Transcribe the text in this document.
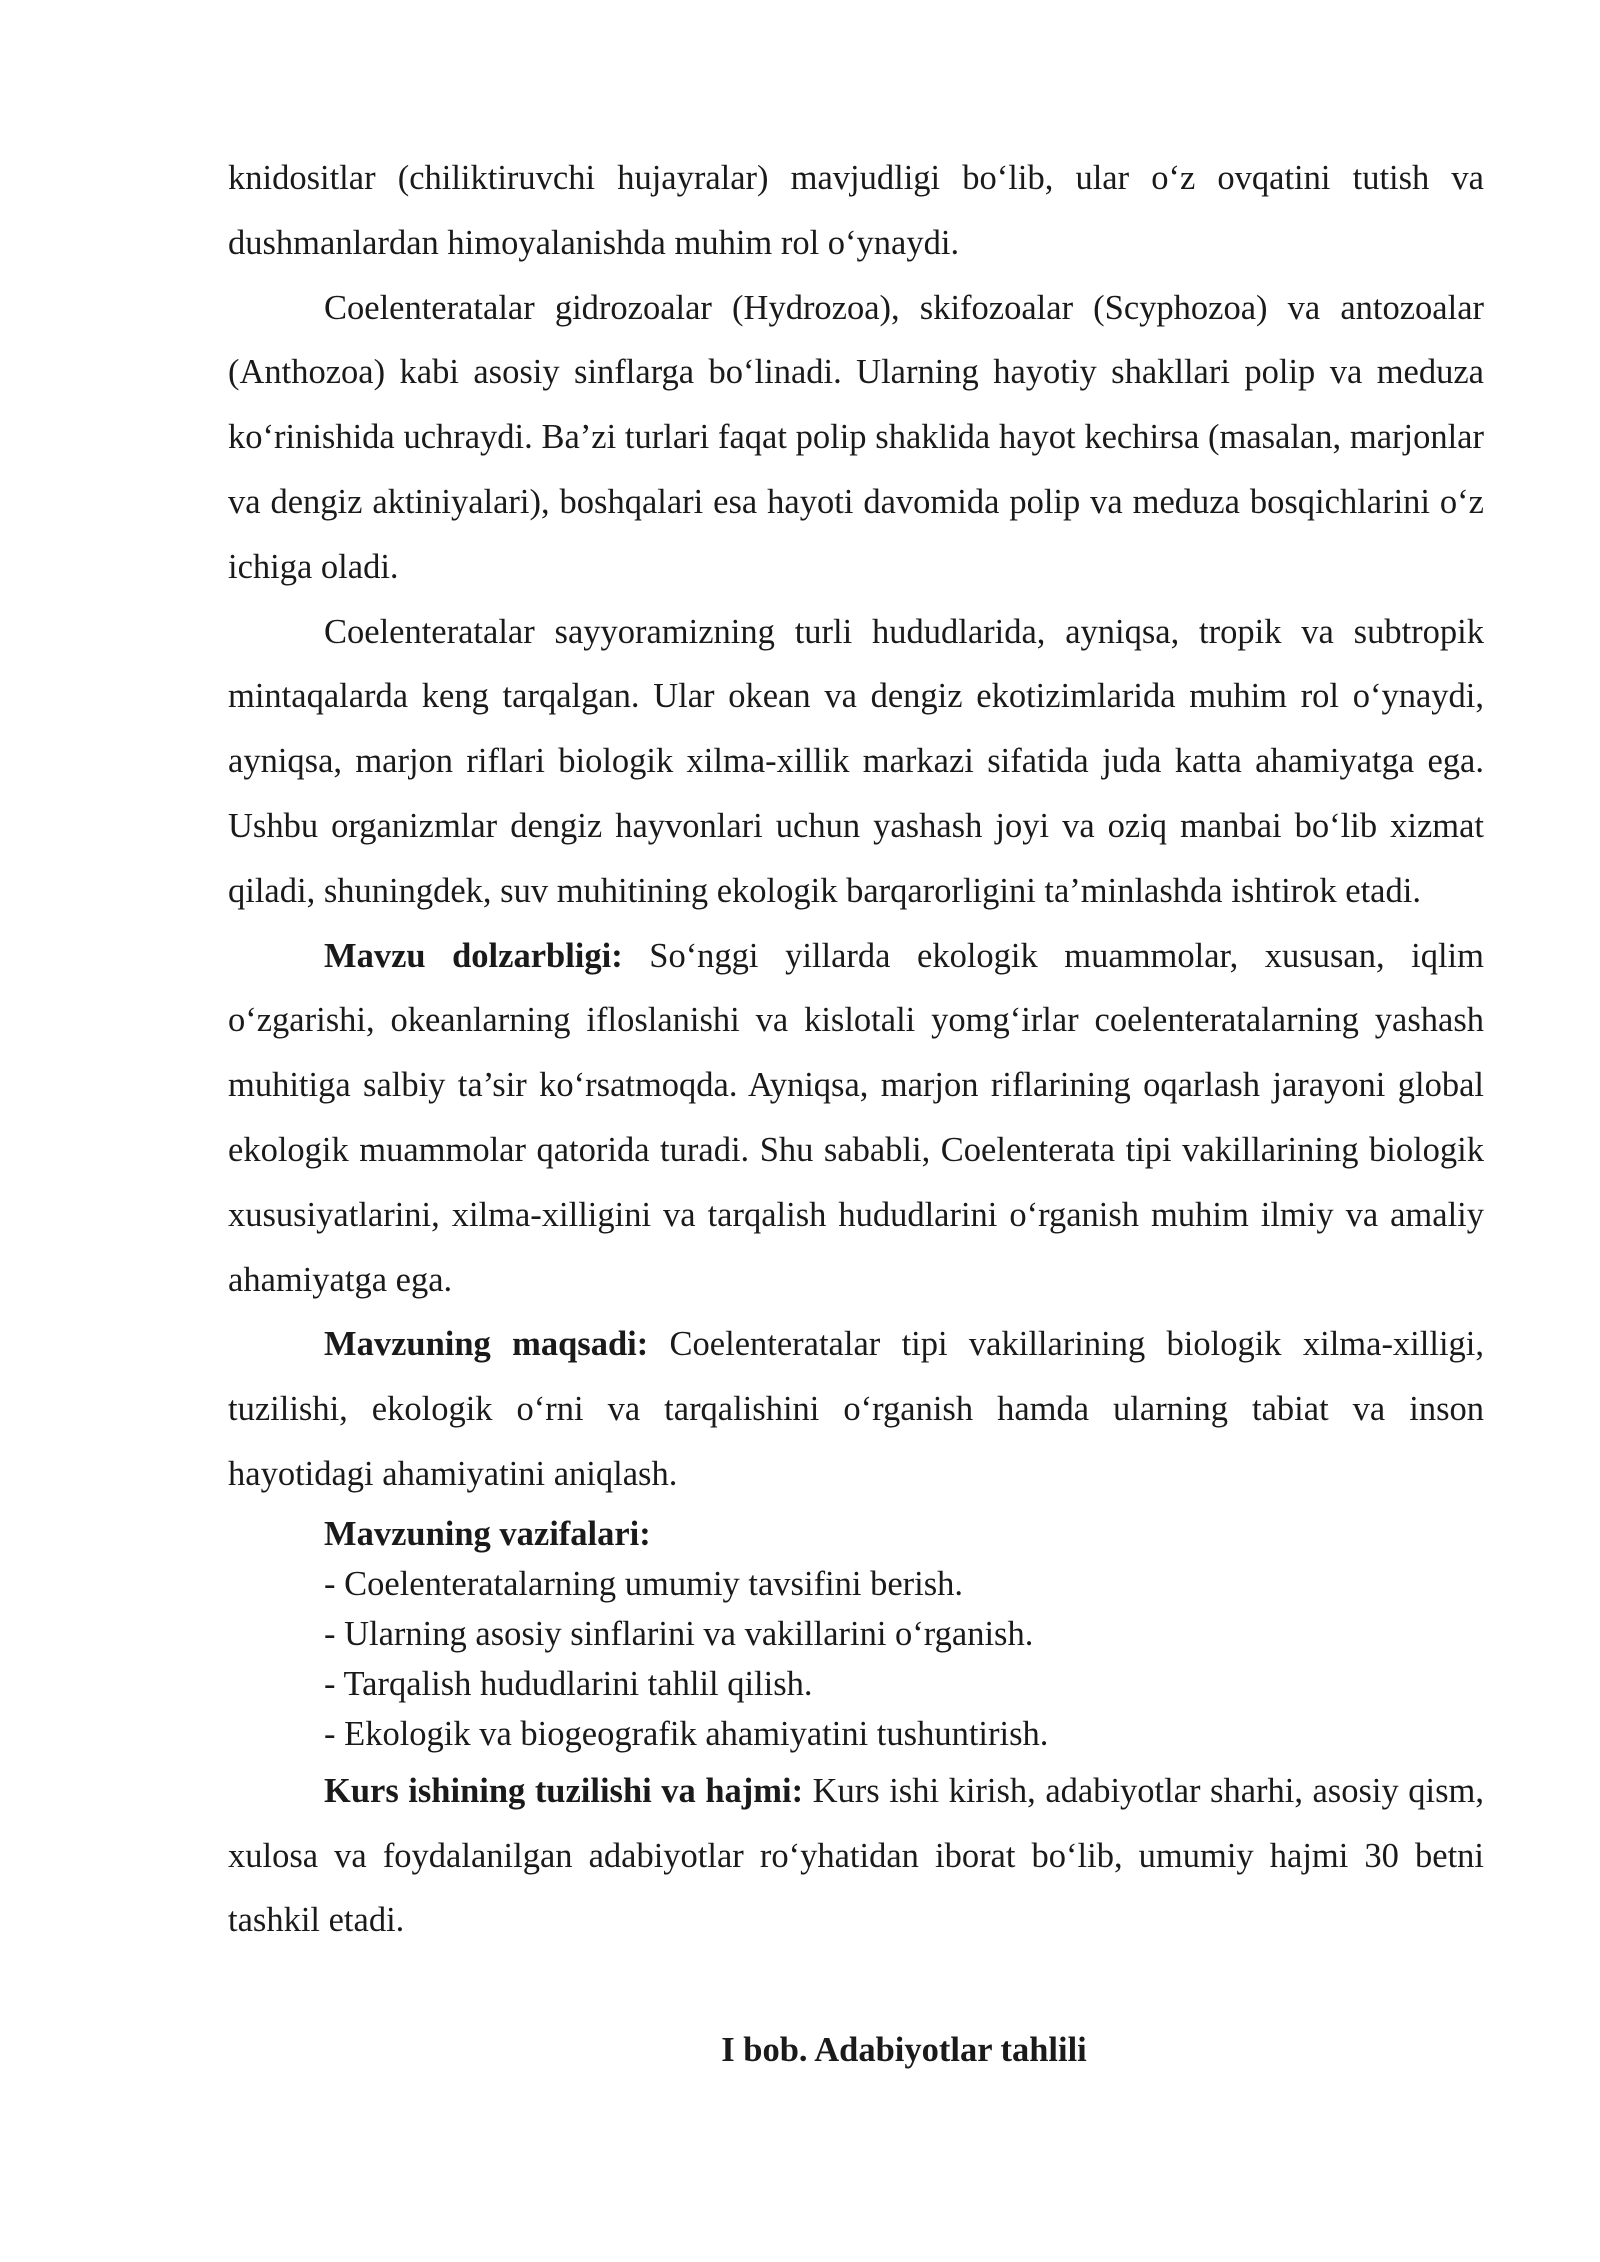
knidositlar (chiliktiruvchi hujayralar) mavjudligi boʻlib, ular oʻz ovqatini tutish va dushmanlardan himoyalanishda muhim rol oʻynaydi.

Coelenteratalar gidrozoalar (Hydrozoa), skifozoalar (Scyphozoa) va antozoalar (Anthozoa) kabi asosiy sinflarga boʻlinadi. Ularning hayotiy shakllari polip va meduza koʻrinishida uchraydi. Ba’zi turlari faqat polip shaklida hayot kechirsa (masalan, marjonlar va dengiz aktiniyalari), boshqalari esa hayoti davomida polip va meduza bosqichlarini oʻz ichiga oladi.

Coelenteratalar sayyoramizning turli hududlarida, ayniqsa, tropik va subtropik mintaqalarda keng tarqalgan. Ular okean va dengiz ekotizimlarida muhim rol oʻynaydi, ayniqsa, marjon riflari biologik xilma-xillik markazi sifatida juda katta ahamiyatga ega. Ushbu organizmlar dengiz hayvonlari uchun yashash joyi va oziq manbai boʻlib xizmat qiladi, shuningdek, suv muhitining ekologik barqarorligini ta’minlashda ishtirok etadi.

Mavzu dolzarbligi: Soʻnggi yillarda ekologik muammolar, xususan, iqlim oʻzgarishi, okeanlarning ifloslanishi va kislotali yomgʻirlar coelenteratalarning yashash muhitiga salbiy ta’sir koʻrsatmoqda. Ayniqsa, marjon riflarining oqarlash jarayoni global ekologik muammolar qatorida turadi. Shu sababli, Coelenterata tipi vakillarining biologik xususiyatlarini, xilma-xilligini va tarqalish hududlarini oʻrganish muhim ilmiy va amaliy ahamiyatga ega.

Mavzuning maqsadi: Coelenteratalar tipi vakillarining biologik xilma-xilligi, tuzilishi, ekologik oʻrni va tarqalishini oʻrganish hamda ularning tabiat va inson hayotidagi ahamiyatini aniqlash.

Mavzuning vazifalari:

- Coelenteratalarning umumiy tavsifini berish.

- Ularning asosiy sinflarini va vakillarini oʻrganish.

- Tarqalish hududlarini tahlil qilish.

- Ekologik va biogeografik ahamiyatini tushuntirish.

Kurs ishining tuzilishi va hajmi: Kurs ishi kirish, adabiyotlar sharhi, asosiy qism, xulosa va foydalanilgan adabiyotlar roʻyhatidan iborat boʻlib, umumiy hajmi 30 betni tashkil etadi.

I bob. Adabiyotlar tahlili
